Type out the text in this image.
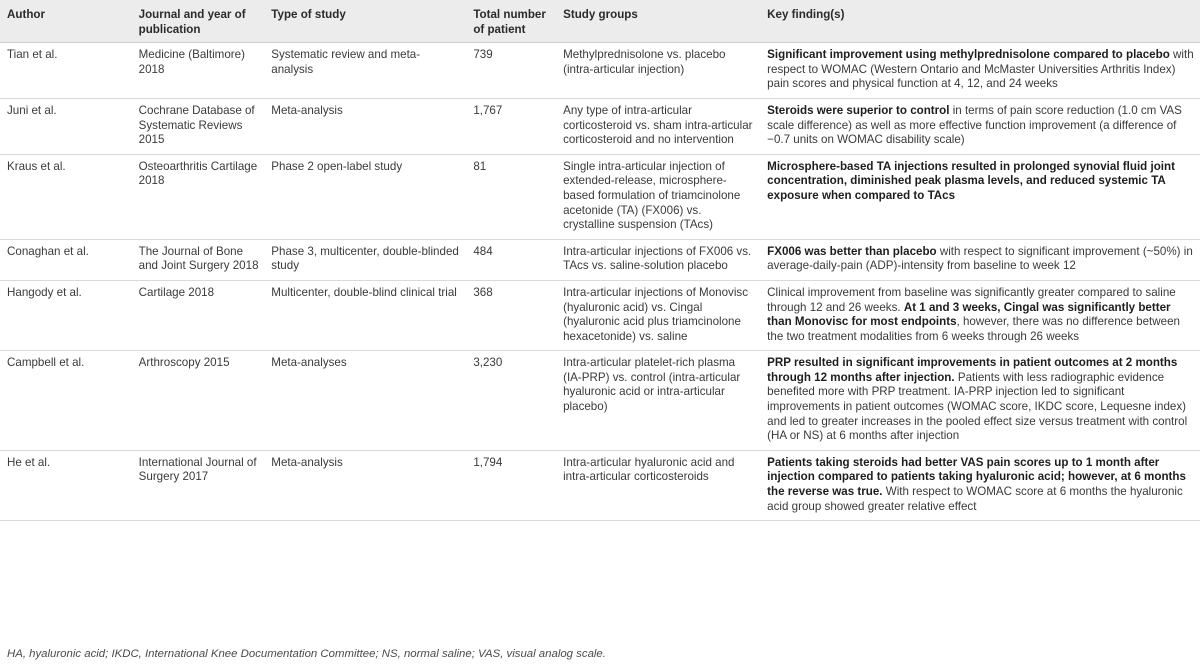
Author	Journal and year of publication	Type of study	Total number of patient	Study groups	Key finding(s)
Tian et al.	Medicine (Baltimore) 2018	Systematic review and meta-analysis	739	Methylprednisolone vs. placebo (intra-articular injection)	Significant improvement using methylprednisolone compared to placebo with respect to WOMAC (Western Ontario and McMaster Universities Arthritis Index) pain scores and physical function at 4, 12, and 24 weeks
Juni et al.	Cochrane Database of Systematic Reviews 2015	Meta-analysis	1,767	Any type of intra-articular corticosteroid vs. sham intra-articular corticosteroid and no intervention	Steroids were superior to control in terms of pain score reduction (1.0 cm VAS scale difference) as well as more effective function improvement (a difference of −0.7 units on WOMAC disability scale)
Kraus et al.	Osteoarthritis Cartilage 2018	Phase 2 open-label study	81	Single intra-articular injection of extended-release, microsphere-based formulation of triamcinolone acetonide (TA) (FX006) vs. crystalline suspension (TAcs)	Microsphere-based TA injections resulted in prolonged synovial fluid joint concentration, diminished peak plasma levels, and reduced systemic TA exposure when compared to TAcs
Conaghan et al.	The Journal of Bone and Joint Surgery 2018	Phase 3, multicenter, double-blinded study	484	Intra-articular injections of FX006 vs. TAcs vs. saline-solution placebo	FX006 was better than placebo with respect to significant improvement (~50%) in average-daily-pain (ADP)-intensity from baseline to week 12
Hangody et al.	Cartilage 2018	Multicenter, double-blind clinical trial	368	Intra-articular injections of Monovisc (hyaluronic acid) vs. Cingal (hyaluronic acid plus triamcinolone hexacetonide) vs. saline	Clinical improvement from baseline was significantly greater compared to saline through 12 and 26 weeks. At 1 and 3 weeks, Cingal was significantly better than Monovisc for most endpoints, however, there was no difference between the two treatment modalities from 6 weeks through 26 weeks
Campbell et al.	Arthroscopy 2015	Meta-analyses	3,230	Intra-articular platelet-rich plasma (IA-PRP) vs. control (intra-articular hyaluronic acid or intra-articular placebo)	PRP resulted in significant improvements in patient outcomes at 2 months through 12 months after injection. Patients with less radiographic evidence benefited more with PRP treatment. IA-PRP injection led to significant improvements in patient outcomes (WOMAC score, IKDC score, Lequesne index) and led to greater increases in the pooled effect size versus treatment with control (HA or NS) at 6 months after injection
He et al.	International Journal of Surgery 2017	Meta-analysis	1,794	Intra-articular hyaluronic acid and intra-articular corticosteroids	Patients taking steroids had better VAS pain scores up to 1 month after injection compared to patients taking hyaluronic acid; however, at 6 months the reverse was true. With respect to WOMAC score at 6 months the hyaluronic acid group showed greater relative effect
HA, hyaluronic acid; IKDC, International Knee Documentation Committee; NS, normal saline; VAS, visual analog scale.
